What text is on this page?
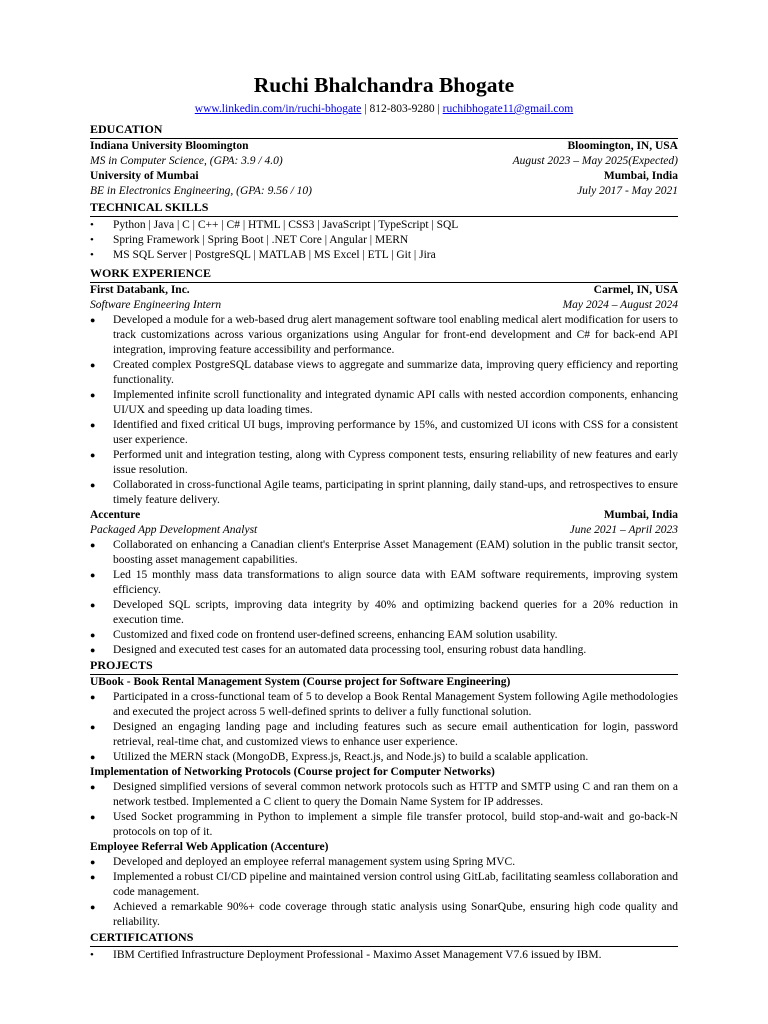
Ruchi Bhalchandra Bhogate
www.linkedin.com/in/ruchi-bhogate | 812-803-9280 | ruchibhogate11@gmail.com
EDUCATION
Indiana University Bloomington	Bloomington, IN, USA
MS in Computer Science, (GPA: 3.9 / 4.0)	August 2023 – May 2025(Expected)
University of Mumbai	Mumbai, India
BE in Electronics Engineering, (GPA: 9.56 / 10)	July 2017 - May 2021
TECHNICAL SKILLS
• Python | Java | C | C++ | C# | HTML | CSS3 | JavaScript | TypeScript | SQL
• Spring Framework | Spring Boot | .NET Core | Angular | MERN
• MS SQL Server | PostgreSQL | MATLAB | MS Excel | ETL | Git | Jira
WORK EXPERIENCE
First Databank, Inc.	Carmel, IN, USA
Software Engineering Intern	May 2024 – August 2024
● Developed a module for a web-based drug alert management software tool enabling medical alert modification for users to track customizations across various organizations using Angular for front-end development and C# for back-end API integration, improving feature accessibility and performance.
● Created complex PostgreSQL database views to aggregate and summarize data, improving query efficiency and reporting functionality.
● Implemented infinite scroll functionality and integrated dynamic API calls with nested accordion components, enhancing UI/UX and speeding up data loading times.
● Identified and fixed critical UI bugs, improving performance by 15%, and customized UI icons with CSS for a consistent user experience.
● Performed unit and integration testing, along with Cypress component tests, ensuring reliability of new features and early issue resolution.
● Collaborated in cross-functional Agile teams, participating in sprint planning, daily stand-ups, and retrospectives to ensure timely feature delivery.
Accenture	Mumbai, India
Packaged App Development Analyst	June 2021 – April 2023
● Collaborated on enhancing a Canadian client's Enterprise Asset Management (EAM) solution in the public transit sector, boosting asset management capabilities.
● Led 15 monthly mass data transformations to align source data with EAM software requirements, improving system efficiency.
● Developed SQL scripts, improving data integrity by 40% and optimizing backend queries for a 20% reduction in execution time.
● Customized and fixed code on frontend user-defined screens, enhancing EAM solution usability.
● Designed and executed test cases for an automated data processing tool, ensuring robust data handling.
PROJECTS
UBook - Book Rental Management System (Course project for Software Engineering)
● Participated in a cross-functional team of 5 to develop a Book Rental Management System following Agile methodologies and executed the project across 5 well-defined sprints to deliver a fully functional solution.
● Designed an engaging landing page and including features such as secure email authentication for login, password retrieval, real-time chat, and customized views to enhance user experience.
● Utilized the MERN stack (MongoDB, Express.js, React.js, and Node.js) to build a scalable application.
Implementation of Networking Protocols (Course project for Computer Networks)
● Designed simplified versions of several common network protocols such as HTTP and SMTP using C and ran them on a network testbed. Implemented a C client to query the Domain Name System for IP addresses.
● Used Socket programming in Python to implement a simple file transfer protocol, build stop-and-wait and go-back-N protocols on top of it.
Employee Referral Web Application (Accenture)
● Developed and deployed an employee referral management system using Spring MVC.
● Implemented a robust CI/CD pipeline and maintained version control using GitLab, facilitating seamless collaboration and code management.
● Achieved a remarkable 90%+ code coverage through static analysis using SonarQube, ensuring high code quality and reliability.
CERTIFICATIONS
• IBM Certified Infrastructure Deployment Professional - Maximo Asset Management V7.6 issued by IBM.
